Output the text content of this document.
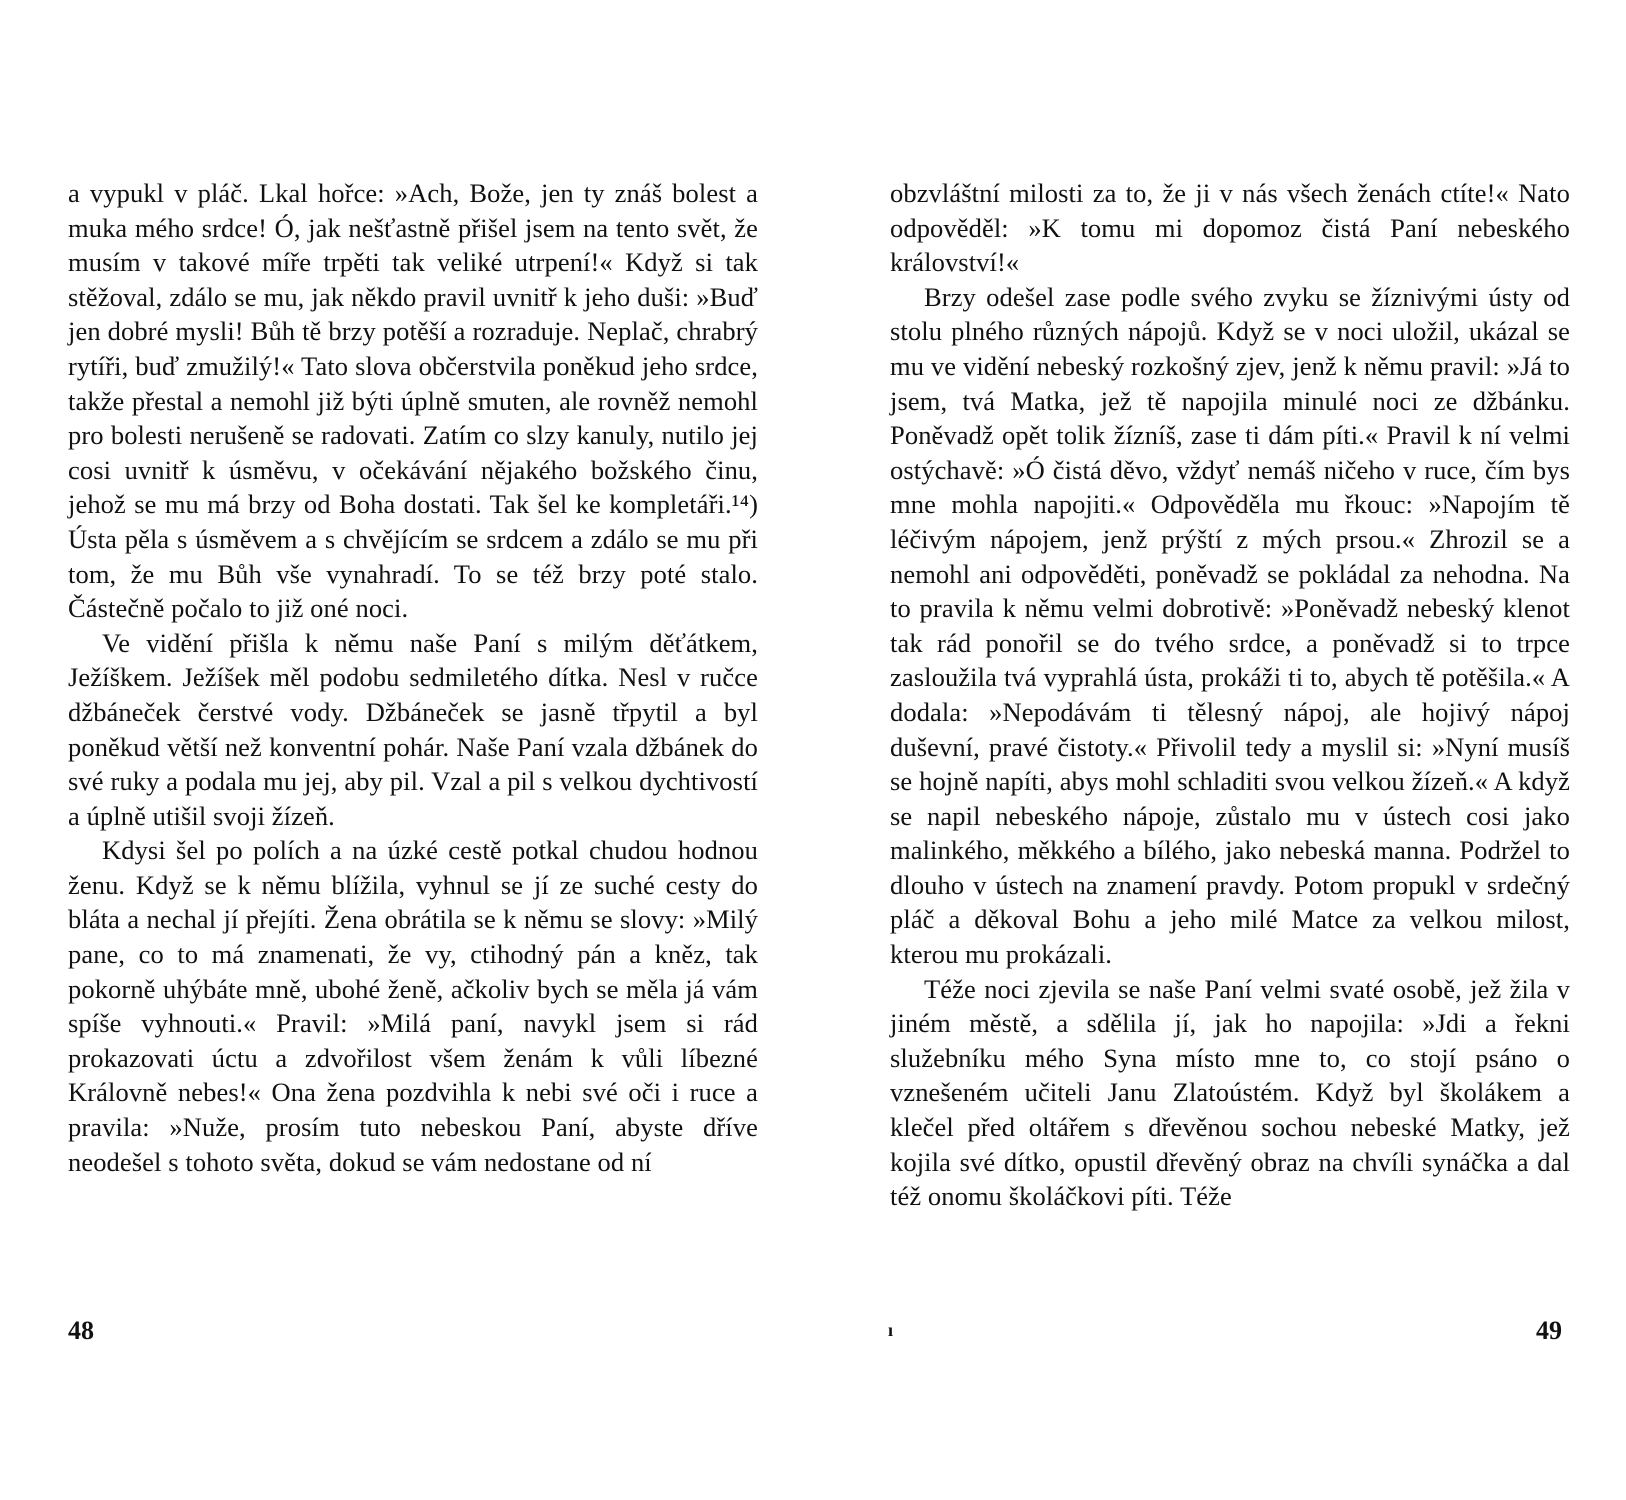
a vypukl v pláč. Lkal hořce: »Ach, Bože, jen ty znáš bolest a muka mého srdce! Ó, jak nešťastně přišel jsem na tento svět, že musím v takové míře trpěti tak veliké utrpení!« Když si tak stěžoval, zdálo se mu, jak někdo pravil uvnitř k jeho duši: »Buď jen dobré mysli! Bůh tě brzy potěší a rozraduje. Neplač, chrabrý rytíři, buď zmužilý!« Tato slova občerstvila poněkud jeho srdce, takže přestal a nemohl již býti úplně smuten, ale rovněž nemohl pro bolesti nerušeně se radovati. Zatím co slzy kanuly, nutilo jej cosi uvnitř k úsměvu, v očekávání nějakého božského činu, jehož se mu má brzy od Boha dostati. Tak šel ke kompletáři.¹⁴) Ústa pěla s úsměvem a s chvějícím se srdcem a zdálo se mu při tom, že mu Bůh vše vynahradí. To se též brzy poté stalo. Částečně počalo to již oné noci.

Ve vidění přišla k němu naše Paní s milým děťátkem, Ježíškem. Ježíšek měl podobu sedmiletého dítka. Nesl v ručce džbáneček čerstvé vody. Džbáneček se jasně třpytil a byl poněkud větší než konventní pohár. Naše Paní vzala džbánek do své ruky a podala mu jej, aby pil. Vzal a pil s velkou dychtivostí a úplně utišil svoji žízeň.

Kdysi šel po polích a na úzké cestě potkal chudou hodnou ženu. Když se k němu blížila, vyhnul se jí ze suché cesty do bláta a nechal jí přejíti. Žena obrátila se k němu se slovy: »Milý pane, co to má znamenati, že vy, ctihodný pán a kněz, tak pokorně uhýbáte mně, ubohé ženě, ačkoliv bych se měla já vám spíše vyhnouti.« Pravil: »Milá paní, navykl jsem si rád prokazovati úctu a zdvořilost všem ženám k vůli líbezné Královně nebes!« Ona žena pozdvihla k nebi své oči i ruce a pravila: »Nuže, prosím tuto nebeskou Paní, abyste dříve neodešel s tohoto světa, dokud se vám nedostane od ní

obzvláštní milosti za to, že ji v nás všech ženách ctíte!« Nato odpověděl: »K tomu mi dopomoz čistá Paní nebeského království!«

Brzy odešel zase podle svého zvyku se žíznivými ústy od stolu plného různých nápojů. Když se v noci uložil, ukázal se mu ve vidění nebeský rozkošný zjev, jenž k němu pravil: »Já to jsem, tvá Matka, jež tě napojila minulé noci ze džbánku. Poněvadž opět tolik žízníš, zase ti dám píti.« Pravil k ní velmi ostýchavě: »Ó čistá děvo, vždyť nemáš ničeho v ruce, čím bys mne mohla napojiti.« Odpověděla mu řkouc: »Napojím tě léčivým nápojem, jenž prýští z mých prsou.« Zhrozil se a nemohl ani odpověděti, poněvadž se pokládal za nehodna. Na to pravila k němu velmi dobrotivě: »Poněvadž nebeský klenot tak rád ponořil se do tvého srdce, a poněvadž si to trpce zasloužila tvá vyprahlá ústa, prokáži ti to, abych tě potěšila.« A dodala: »Nepodávám ti tělesný nápoj, ale hojivý nápoj duševní, pravé čistoty.« Přivolil tedy a myslil si: »Nyní musíš se hojně napíti, abys mohl schladiti svou velkou žízeň.« A když se napil nebeského nápoje, zůstalo mu v ústech cosi jako malinkého, měkkého a bílého, jako nebeská manna. Podržel to dlouho v ústech na znamení pravdy. Potom propukl v srdečný pláč a děkoval Bohu a jeho milé Matce za velkou milost, kterou mu prokázali.

Téže noci zjevila se naše Paní velmi svaté osobě, jež žila v jiném městě, a sdělila jí, jak ho napojila: »Jdi a řekni služebníku mého Syna místo mne to, co stojí psáno o vznešeném učiteli Janu Zlatoústém. Když byl školákem a klečel před oltářem s dřevěnou sochou nebeské Matky, jež kojila své dítko, opustil dřevěný obraz na chvíli synáčka a dal též onomu školáčkovi píti. Téže

48	ı	49
